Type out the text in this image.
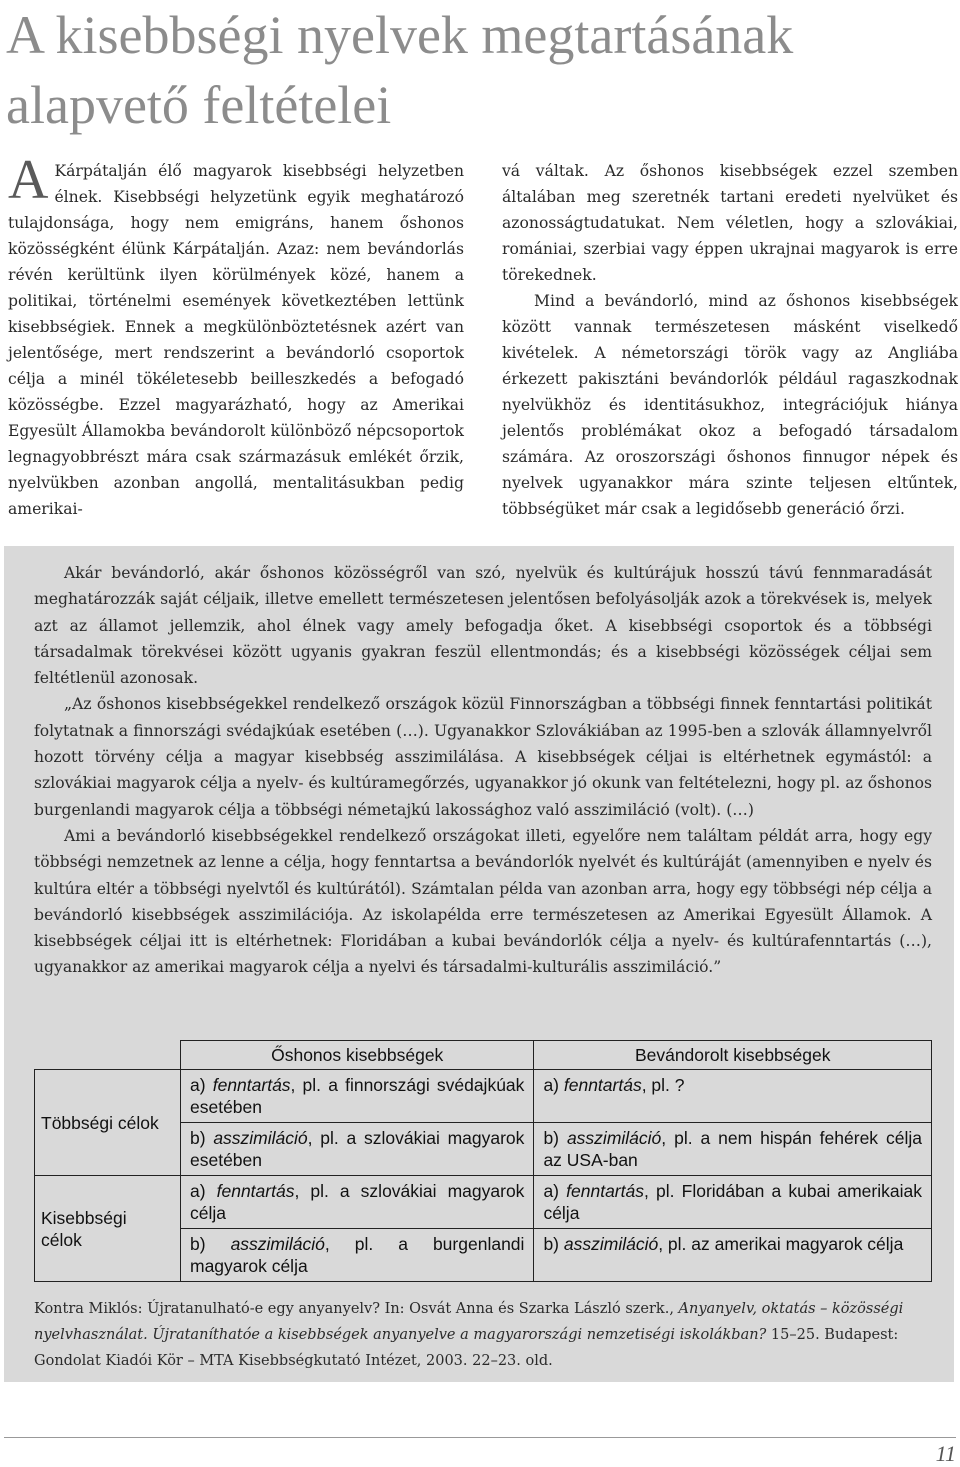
A kisebbségi nyelvek megtartásának alapvető feltételei

A Kárpátalján élő magyarok kisebbségi helyzetben élnek. Kisebbségi helyzetünk egyik meghatározó tulajdonsága, hogy nem emigráns, hanem őshonos közösségként élünk Kárpátalján. Azaz: nem bevándorlás révén kerültünk ilyen körülmények közé, hanem a politikai, történelmi események következtében lettünk kisebbségiek. Ennek a megkülönböztetésnek azért van jelentősége, mert rendszerint a bevándorló csoportok célja a minél tökéletesebb beilleszkedés a befogadó közösségbe. Ezzel magyarázható, hogy az Amerikai Egyesült Államokba bevándorolt különböző népcsoportok legnagyobbrészt mára csak származásuk emlékét őrzik, nyelvükben azonban angollá, mentalitásukban pedig amerikai-

vá váltak. Az őshonos kisebbségek ezzel szemben általában meg szeretnék tartani eredeti nyelvüket és azonosságtudatukat. Nem véletlen, hogy a szlovákiai, romániai, szerbiai vagy éppen ukrajnai magyarok is erre törekednek.

Mind a bevándorló, mind az őshonos kisebbségek között vannak természetesen másként viselkedő kivételek. A németországi török vagy az Angliába érkezett pakisztáni bevándorlók például ragaszkodnak nyelvükhöz és identitásukhoz, integrációjuk hiánya jelentős problémákat okoz a befogadó társadalom számára. Az oroszországi őshonos finnugor népek és nyelvek ugyanakkor mára szinte teljesen eltűntek, többségüket már csak a legidősebb generáció őrzi.

Akár bevándorló, akár őshonos közösségről van szó, nyelvük és kultúrájuk hosszú távú fennmaradását meghatározzák saját céljaik, illetve emellett természetesen jelentősen befolyásolják azok a törekvések is, melyek azt az államot jellemzik, ahol élnek vagy amely befogadja őket. A kisebbségi csoportok és a többségi társadalmak törekvései között ugyanis gyakran feszül ellentmondás; és a kisebbségi közösségek céljai sem feltétlenül azonosak.

„Az őshonos kisebbségekkel rendelkező országok közül Finnországban a többségi finnek fenntartási politikát folytatnak a finnországi svédajkúak esetében (…). Ugyanakkor Szlovákiában az 1995-ben a szlovák államnyelvről hozott törvény célja a magyar kisebbség asszimilálása. A kisebbségek céljai is eltérhetnek egymástól: a szlovákiai magyarok célja a nyelv- és kultúramegőrzés, ugyanakkor jó okunk van feltételezni, hogy pl. az őshonos burgenlandi magyarok célja a többségi németajkú lakossághoz való asszimiláció (volt). (…)

Ami a bevándorló kisebbségekkel rendelkező országokat illeti, egyelőre nem találtam példát arra, hogy egy többségi nemzetnek az lenne a célja, hogy fenntartsa a bevándorlók nyelvét és kultúráját (amennyiben e nyelv és kultúra eltér a többségi nyelvtől és kultúrától). Számtalan példa van azonban arra, hogy egy többségi nép célja a bevándorló kisebbségek asszimilációja. Az iskolapélda erre természetesen az Amerikai Egyesült Államok. A kisebbségek céljai itt is eltérhetnek: Floridában a kubai bevándorlók célja a nyelv- és kultúrafenntartás (…), ugyanakkor az amerikai magyarok célja a nyelvi és társadalmi-kulturális asszimiláció.”

	Őshonos kisebbségek	Bevándorolt kisebbségek
Többségi célok	a) fenntartás, pl. a finnországi svédajkúak esetében	a) fenntartás, pl. ?
	b) asszimiláció, pl. a szlovákiai magyarok esetében	b) asszimiláció, pl. a nem hispán fehérek célja az USA-ban
Kisebbségi célok	a) fenntartás, pl. a szlovákiai magyarok célja	a) fenntartás, pl. Floridában a kubai amerikaiak célja
	b) asszimiláció, pl. a burgenlandi magyarok célja	b) asszimiláció, pl. az amerikai magyarok célja
Kontra Miklós: Újratanulható-e egy anyanyelv? In: Osvát Anna és Szarka László szerk., Anyanyelv, oktatás – közösségi nyelvhasználat. Újrataníthatóe a kisebbségek anyanyelve a magyarországi nemzetiségi iskolákban? 15–25. Budapest: Gondolat Kiadói Kör – MTA Kisebbségkutató Intézet, 2003. 22–23. old.
11
